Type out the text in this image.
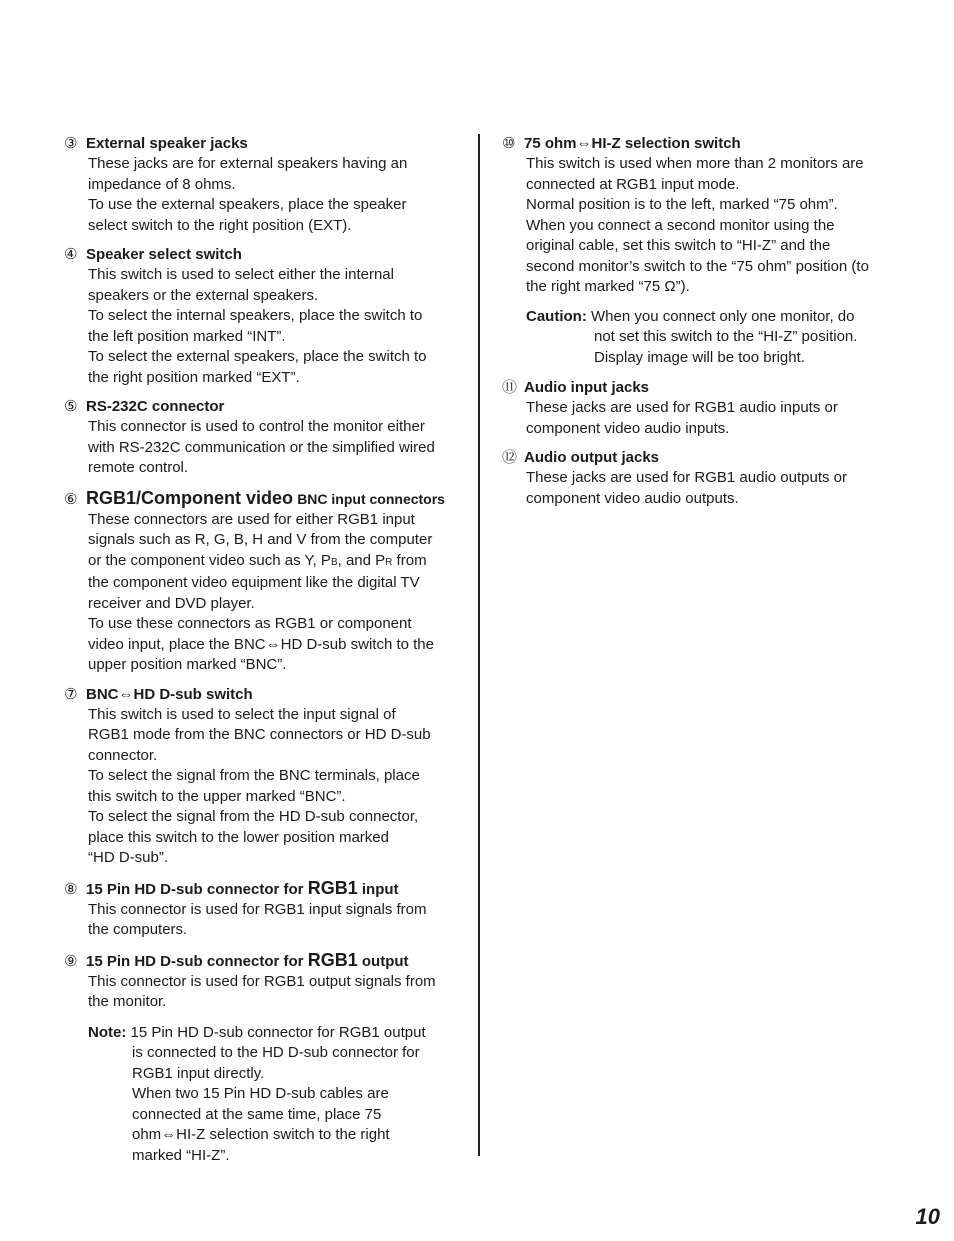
③ External speaker jacks
These jacks are for external speakers having an
impedance of 8 ohms.
To use the external speakers, place the speaker
select switch to the right position (EXT).
④ Speaker select switch
This switch is used to select either the internal
speakers or the external speakers.
To select the internal speakers, place the switch to
the left position marked “INT”.
To select the external speakers, place the switch to
the right position marked “EXT”.
⑤ RS-232C connector
This connector is used to control the monitor either
with RS-232C communication or the simplified wired
remote control.
⑥ RGB1/Component video BNC input connectors
These connectors are used for either RGB1 input
signals such as R, G, B, H and V from the computer
or the component video such as Y, PB, and PR from
the component video equipment like the digital TV
receiver and DVD player.
To use these connectors as RGB1 or component
video input, place the BNC⇔HD D-sub switch to the
upper position marked “BNC”.
⑦ BNC⇔HD D-sub switch
This switch is used to select the input signal of
RGB1 mode from the BNC connectors or HD D-sub
connector.
To select the signal from the BNC terminals, place
this switch to the upper marked “BNC”.
To select the signal from the HD D-sub connector,
place this switch to the lower position marked
“HD D-sub”.
⑧ 15 Pin HD D-sub connector for RGB1 input
This connector is used for RGB1 input signals from
the computers.
⑨ 15 Pin HD D-sub connector for RGB1 output
This connector is used for RGB1 output signals from
the monitor.
Note: 15 Pin HD D-sub connector for RGB1 output
is connected to the HD D-sub connector for
RGB1 input directly.
When two 15 Pin HD D-sub cables are
connected at the same time, place 75
ohm⇔HI-Z selection switch to the right
marked “HI-Z”.
⑩ 75 ohm⇔HI-Z selection switch
This switch is used when more than 2 monitors are
connected at RGB1 input mode.
Normal position is to the left, marked “75 ohm”.
When you connect a second monitor using the
original cable, set this switch to “HI-Z” and the
second monitor’s switch to the “75 ohm” position (to
the right marked “75 Ω”).
Caution: When you connect only one monitor, do
not set this switch to the “HI-Z” position.
Display image will be too bright.
⑪ Audio input jacks
These jacks are used for RGB1 audio inputs or
component video audio inputs.
⑫ Audio output jacks
These jacks are used for RGB1 audio outputs or
component video audio outputs.
10
